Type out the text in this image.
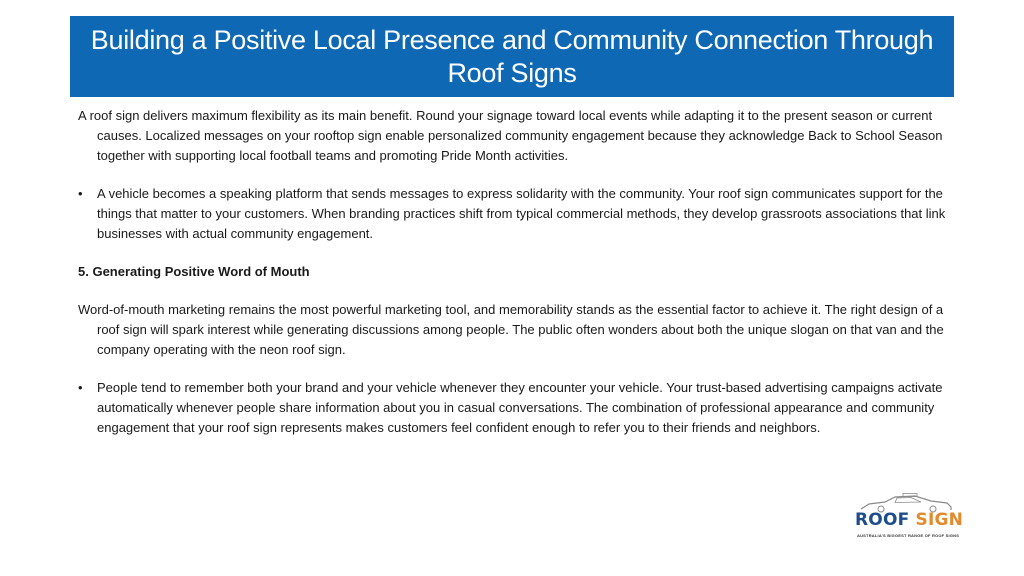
Building a Positive Local Presence and Community Connection Through
Roof Signs

A roof sign delivers maximum flexibility as its main benefit. Round your signage toward local events while adapting it to the present season or current causes. Localized messages on your rooftop sign enable personalized community engagement because they acknowledge Back to School Season together with supporting local football teams and promoting Pride Month activities.

•	A vehicle becomes a speaking platform that sends messages to express solidarity with the community. Your roof sign communicates support for the things that matter to your customers. When branding practices shift from typical commercial methods, they develop grassroots associations that link businesses with actual community engagement.

5. Generating Positive Word of Mouth

Word-of-mouth marketing remains the most powerful marketing tool, and memorability stands as the essential factor to achieve it. The right design of a roof sign will spark interest while generating discussions among people. The public often wonders about both the unique slogan on that van and the company operating with the neon roof sign.

•	People tend to remember both your brand and your vehicle whenever they encounter your vehicle. Your trust-based advertising campaigns activate automatically whenever people share information about you in casual conversations. The combination of professional appearance and community engagement that your roof sign represents makes customers feel confident enough to refer you to their friends and neighbors.
ROOF SIGN
AUSTRALIA'S BIGGEST RANGE OF ROOF SIGNS
